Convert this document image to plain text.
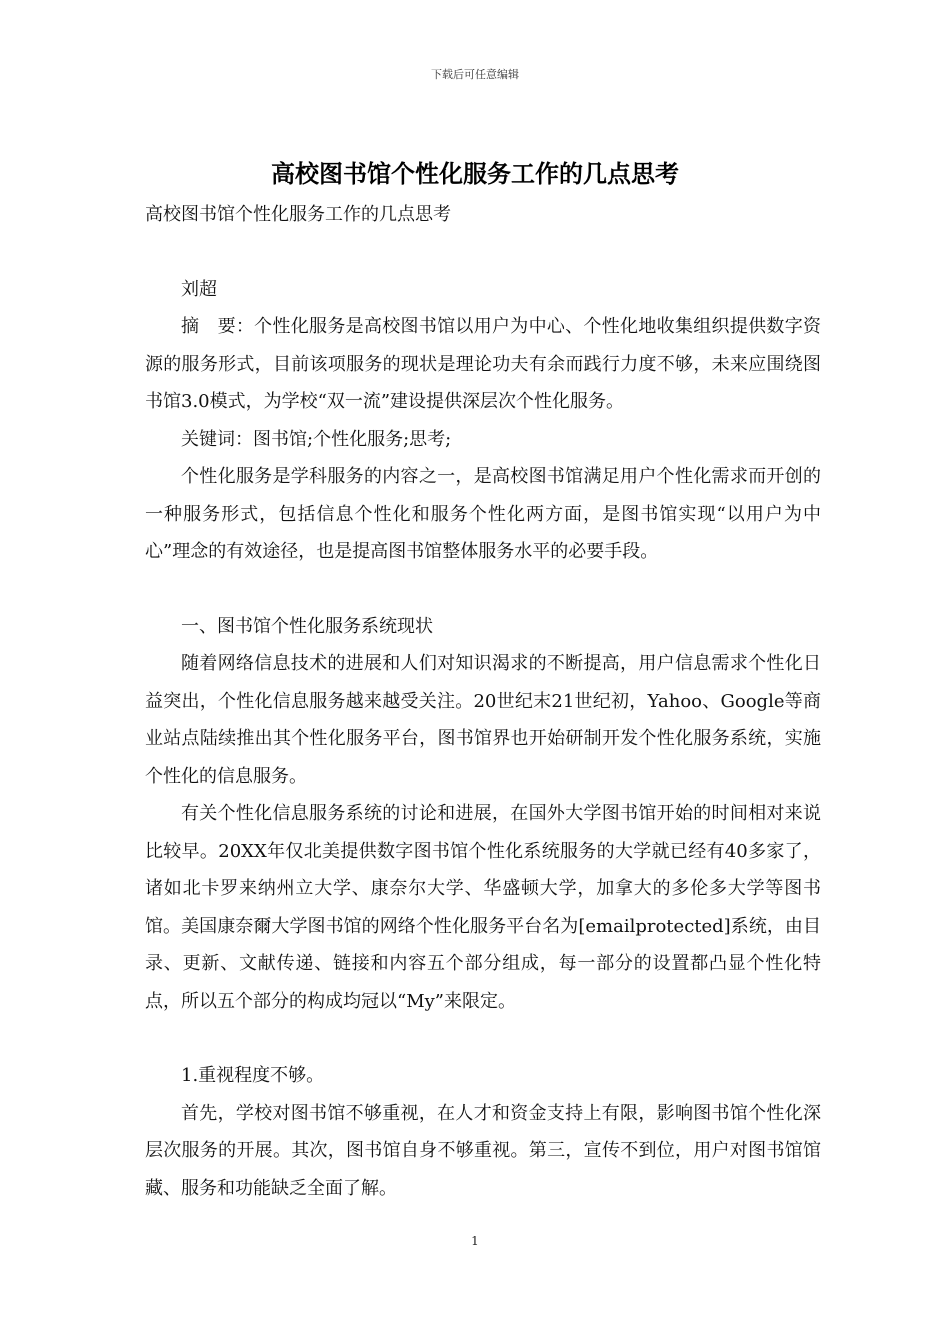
下载后可任意编辑
高校图书馆个性化服务工作的几点思考

高校图书馆个性化服务工作的几点思考

刘超

摘　要：个性化服务是高校图书馆以用户为中心、个性化地收集组织提供数字资源的服务形式，目前该项服务的现状是理论功夫有余而践行力度不够，未来应围绕图书馆3.0模式，为学校“双一流”建设提供深层次个性化服务。

关键词：图书馆;个性化服务;思考;

个性化服务是学科服务的内容之一，是高校图书馆满足用户个性化需求而开创的一种服务形式，包括信息个性化和服务个性化两方面，是图书馆实现“以用户为中心”理念的有效途径，也是提高图书馆整体服务水平的必要手段。

一、图书馆个性化服务系统现状

随着网络信息技术的进展和人们对知识渴求的不断提高，用户信息需求个性化日益突出，个性化信息服务越来越受关注。20世纪末21世纪初，Yahoo、Google等商业站点陆续推出其个性化服务平台，图书馆界也开始研制开发个性化服务系统，实施个性化的信息服务。

有关个性化信息服务系统的讨论和进展，在国外大学图书馆开始的时间相对来说比较早。20XX年仅北美提供数字图书馆个性化系统服务的大学就已经有40多家了，诸如北卡罗来纳州立大学、康奈尔大学、华盛顿大学，加拿大的多伦多大学等图书馆。美国康奈爾大学图书馆的网络个性化服务平台名为[emailprotected]系统，由目录、更新、文献传递、链接和内容五个部分组成，每一部分的设置都凸显个性化特点，所以五个部分的构成均冠以“My”来限定。

1.重视程度不够。

首先，学校对图书馆不够重视，在人才和资金支持上有限，影响图书馆个性化深层次服务的开展。其次，图书馆自身不够重视。第三，宣传不到位，用户对图书馆馆藏、服务和功能缺乏全面了解。

1
